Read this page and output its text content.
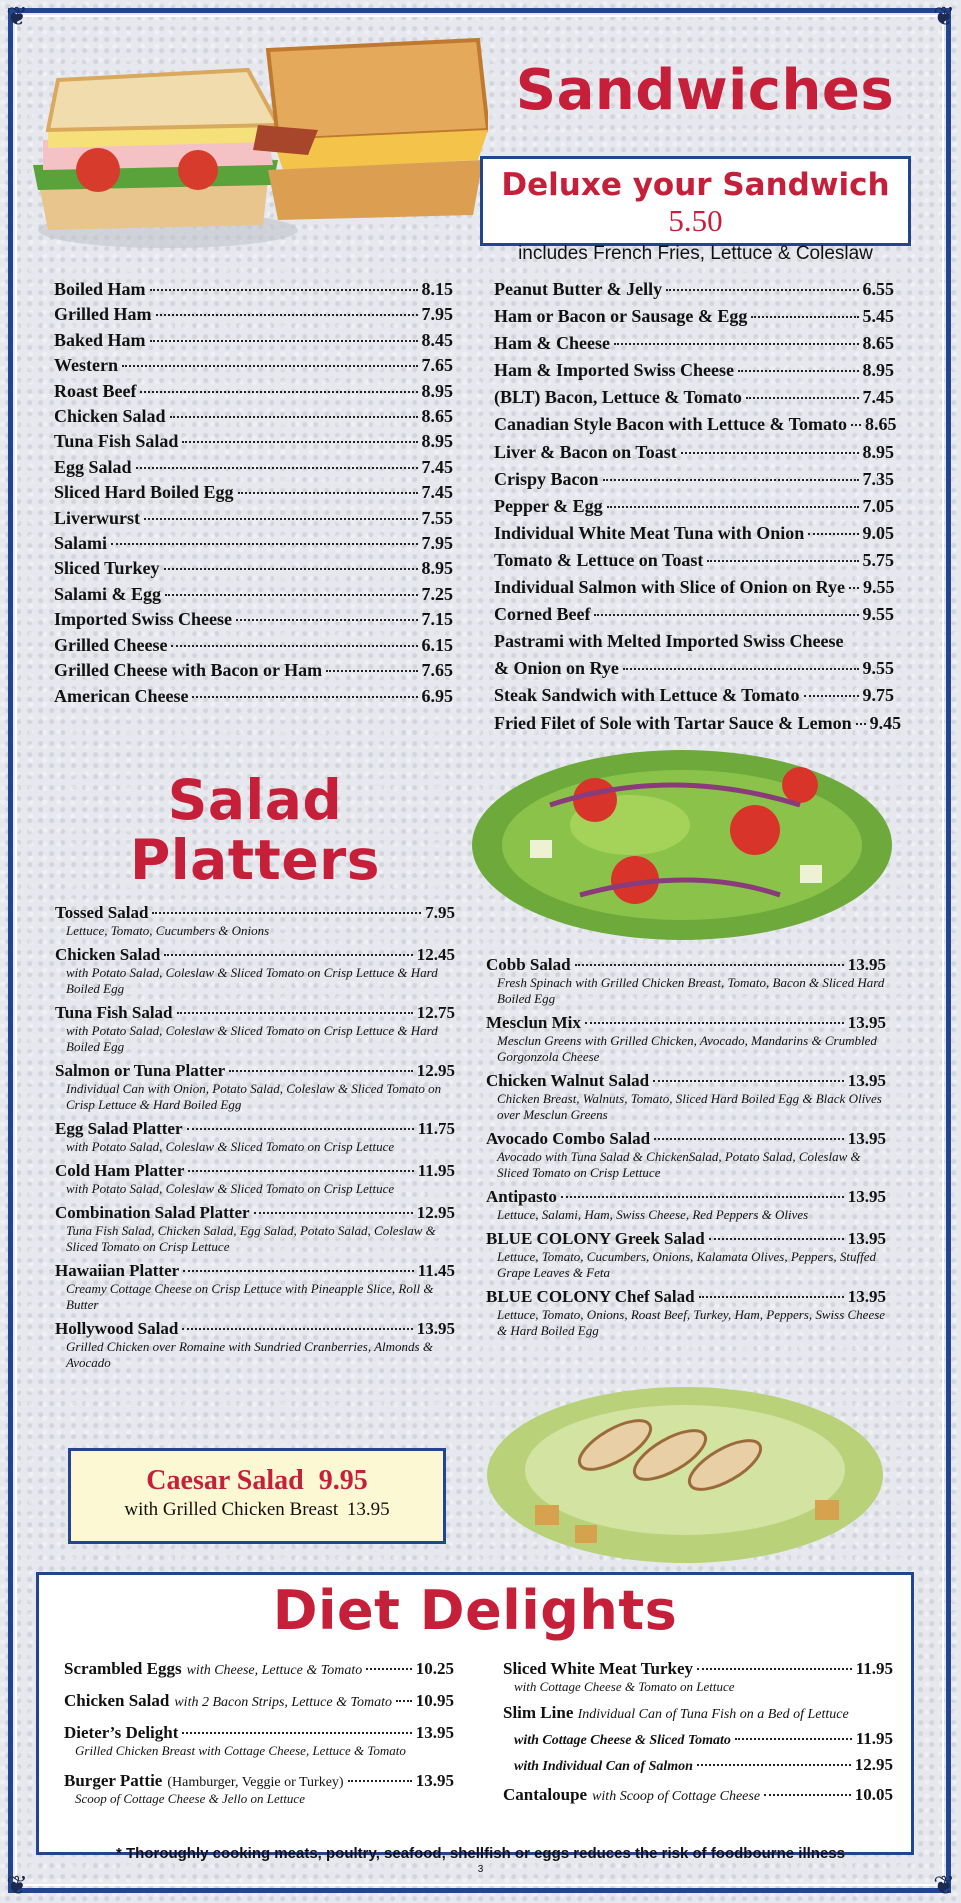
❦	❦
❦	❦
Sandwiches
Deluxe your Sandwich 5.50
includes French Fries, Lettuce & Coleslaw
Boiled Ham	8.15
Grilled Ham	7.95
Baked Ham	8.45
Western	7.65
Roast Beef	8.95
Chicken Salad	8.65
Tuna Fish Salad	8.95
Egg Salad	7.45
Sliced Hard Boiled Egg	7.45
Liverwurst	7.55
Salami	7.95
Sliced Turkey	8.95
Salami & Egg	7.25
Imported Swiss Cheese	7.15
Grilled Cheese	6.15
Grilled Cheese with Bacon or Ham	7.65
American Cheese	6.95
Peanut Butter & Jelly	6.55
Ham or Bacon or Sausage & Egg	5.45
Ham & Cheese	8.65
Ham & Imported Swiss Cheese	8.95
(BLT) Bacon, Lettuce & Tomato	7.45
Canadian Style Bacon with Lettuce & Tomato 8.65
Liver & Bacon on Toast	8.95
Crispy Bacon	7.35
Pepper & Egg	7.05
Individual White Meat Tuna with Onion	9.05
Tomato & Lettuce on Toast	5.75
Individual Salmon with Slice of Onion on Rye 9.55
Corned Beef	9.55
Pastrami with Melted Imported Swiss Cheese
& Onion on Rye	9.55
Steak Sandwich with Lettuce & Tomato	9.75
Fried Filet of Sole with Tartar Sauce & Lemon 9.45
Salad
Platters
Tossed Salad	7.95
Lettuce, Tomato, Cucumbers & Onions
Chicken Salad	12.45
with Potato Salad, Coleslaw & Sliced Tomato on Crisp Lettuce & Hard Boiled Egg
Tuna Fish Salad	12.75
with Potato Salad, Coleslaw & Sliced Tomato on Crisp Lettuce & Hard Boiled Egg
Salmon or Tuna Platter	12.95
Individual Can with Onion, Potato Salad, Coleslaw & Sliced Tomato on Crisp Lettuce & Hard Boiled Egg
Egg Salad Platter	11.75
with Potato Salad, Coleslaw & Sliced Tomato on Crisp Lettuce
Cold Ham Platter	11.95
with Potato Salad, Coleslaw & Sliced Tomato on Crisp Lettuce
Combination Salad Platter	12.95
Tuna Fish Salad, Chicken Salad, Egg Salad, Potato Salad, Coleslaw & Sliced Tomato on Crisp Lettuce
Hawaiian Platter	11.45
Creamy Cottage Cheese on Crisp Lettuce with Pineapple Slice, Roll & Butter
Hollywood Salad	13.95
Grilled Chicken over Romaine with Sundried Cranberries, Almonds & Avocado
Cobb Salad	13.95
Fresh Spinach with Grilled Chicken Breast, Tomato, Bacon & Sliced Hard Boiled Egg
Mesclun Mix	13.95
Mesclun Greens with Grilled Chicken, Avocado, Mandarins & Crumbled Gorgonzola Cheese
Chicken Walnut Salad	13.95
Chicken Breast, Walnuts, Tomato, Sliced Hard Boiled Egg & Black Olives over Mesclun Greens
Avocado Combo Salad	13.95
Avocado with Tuna Salad & ChickenSalad, Potato Salad, Coleslaw & Sliced Tomato on Crisp Lettuce
Antipasto	13.95
Lettuce, Salami, Ham, Swiss Cheese, Red Peppers & Olives
BLUE COLONY Greek Salad	13.95
Lettuce, Tomato, Cucumbers, Onions, Kalamata Olives, Peppers, Stuffed Grape Leaves & Feta
BLUE COLONY Chef Salad	13.95
Lettuce, Tomato, Onions, Roast Beef, Turkey, Ham, Peppers, Swiss Cheese & Hard Boiled Egg
Caesar Salad 9.95
with Grilled Chicken Breast 13.95
Diet Delights
Scrambled Eggs with Cheese, Lettuce & Tomato	10.25
Chicken Salad with 2 Bacon Strips, Lettuce & Tomato 10.95
Dieter’s Delight	13.95
Grilled Chicken Breast with Cottage Cheese, Lettuce & Tomato
Burger Pattie (Hamburger, Veggie or Turkey)	13.95
Scoop of Cottage Cheese & Jello on Lettuce
Sliced White Meat Turkey	11.95
with Cottage Cheese & Tomato on Lettuce
Slim Line Individual Can of Tuna Fish on a Bed of Lettuce
with Cottage Cheese & Sliced Tomato	11.95
with Individual Can of Salmon	12.95
Cantaloupe with Scoop of Cottage Cheese	10.05
* Thoroughly cooking meats, poultry, seafood, shellfish or eggs reduces the risk of foodbourne illness
3
